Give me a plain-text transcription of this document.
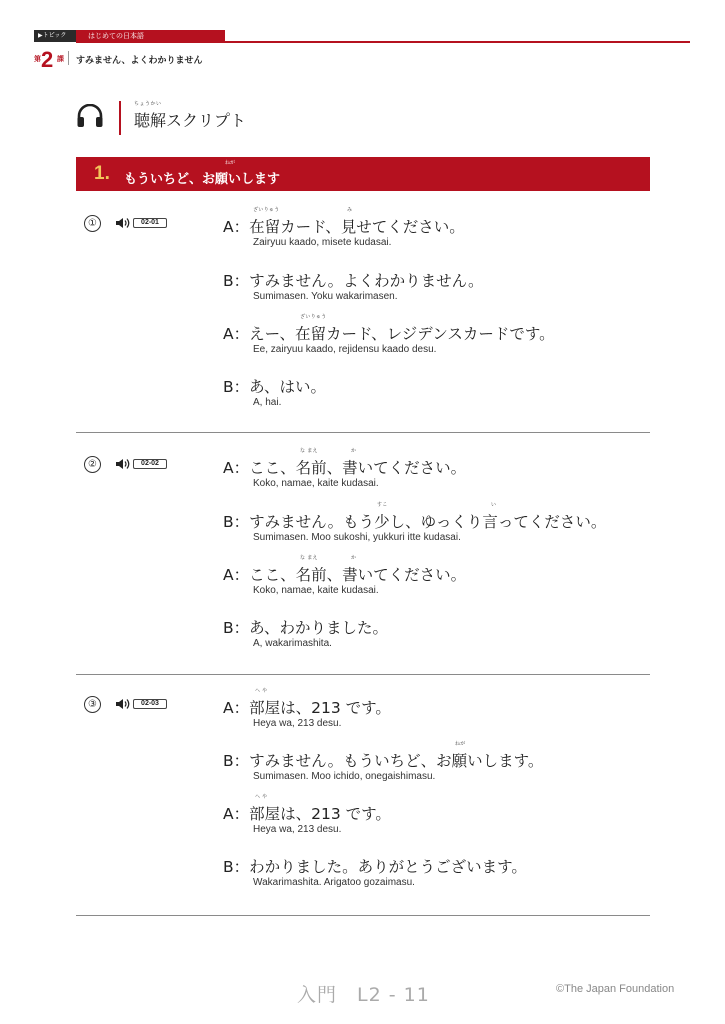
▶トピック	はじめての日本語
第 2 課 すみません、よくわかりません
ちょうかい
聴解スクリプト
1.	ねが
もういちど、お願いします
①	02-01
ざいりゅう	み
A：在留カード、見せてください。
Zairyuu kaado, misete kudasai.
B：すみません。よくわかりません。
Sumimasen. Yoku wakarimasen.
ざいりゅう
A：えー、在留カード、レジデンスカードです。
Ee, zairyuu kaado, rejidensu kaado desu.
B：あ、はい。
A, hai.
②	02-02
な まえ	か
A：ここ、名前、書いてください。
Koko, namae, kaite kudasai.
すこ	い
B：すみません。もう少し、ゆっくり言ってください。
Sumimasen. Moo sukoshi, yukkuri itte kudasai.
な まえ	か
A：ここ、名前、書いてください。
Koko, namae, kaite kudasai.
B：あ、わかりました。
A, wakarimashita.
③	02-03
へ や
A：部屋は、213 です。
Heya wa, 213 desu.
ねが
B：すみません。もういちど、お願いします。
Sumimasen. Moo ichido, onegaishimasu.
へ や
A：部屋は、213 です。
Heya wa, 213 desu.
B：わかりました。ありがとうございます。
Wakarimashita. Arigatoo gozaimasu.
入門　L2 - 11	©The Japan Foundation
